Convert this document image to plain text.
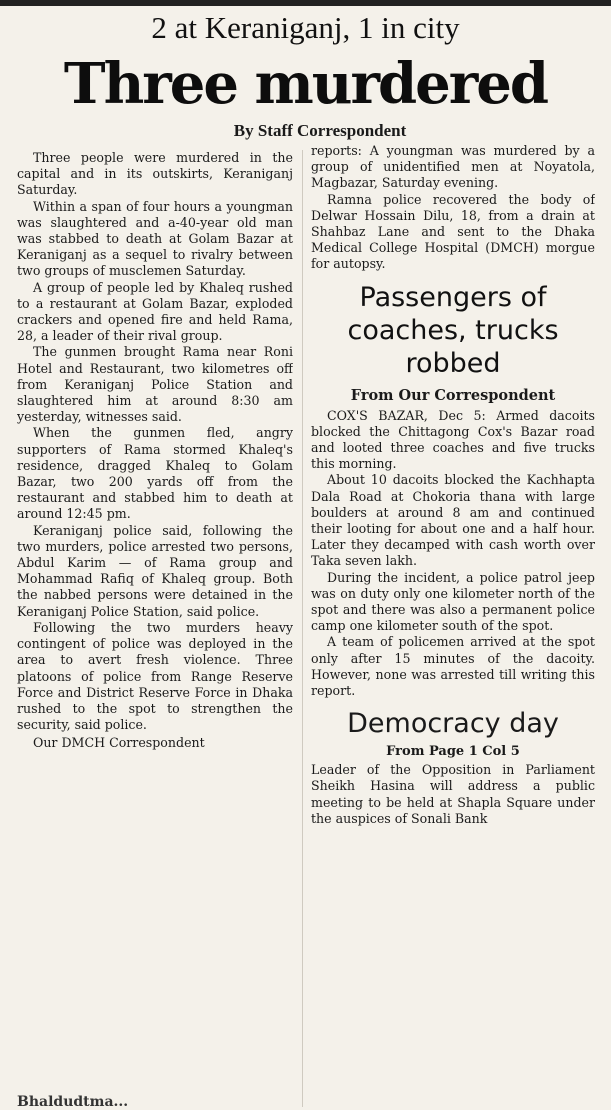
2 at Keraniganj, 1 in city
Three murdered
By Staff Correspondent

Three people were murdered in the capital and in its outskirts, Keraniganj Saturday.

Within a span of four hours a youngman was slaughtered and a-40-year old man was stabbed to death at Golam Bazar at Keraniganj as a sequel to rivalry between two groups of musclemen Saturday.

A group of people led by Khaleq rushed to a restaurant at Golam Bazar, exploded crackers and opened fire and held Rama, 28, a leader of their rival group.

The gunmen brought Rama near Roni Hotel and Restaurant, two kilometres off from Keraniganj Police Station and slaughtered him at around 8:30 am yesterday, witnesses said.

When the gunmen fled, angry supporters of Rama stormed Khaleq's residence, dragged Khaleq to Golam Bazar, two 200 yards off from the restaurant and stabbed him to death at around 12:45 pm.

Keraniganj police said, following the two murders, police arrested two persons, Abdul Karim — of Rama group and Mohammad Rafiq of Khaleq group. Both the nabbed persons were detained in the Keraniganj Police Station, said police.

Following the two murders heavy contingent of police was deployed in the area to avert fresh violence. Three platoons of police from Range Reserve Force and District Reserve Force in Dhaka rushed to the spot to strengthen the security, said police.

Our DMCH Correspondent

reports: A youngman was murdered by a group of unidentified men at Noyatola, Magbazar, Saturday evening.

Ramna police recovered the body of Delwar Hossain Dilu, 18, from a drain at Shahbaz Lane and sent to the Dhaka Medical College Hospital (DMCH) morgue for autopsy.

Passengers of coaches, trucks robbed
From Our Correspondent

COX'S BAZAR, Dec 5: Armed dacoits blocked the Chittagong Cox's Bazar road and looted three coaches and five trucks this morning.

About 10 dacoits blocked the Kachhapta Dala Road at Chokoria thana with large boulders at around 8 am and continued their looting for about one and a half hour. Later they decamped with cash worth over Taka seven lakh.

During the incident, a police patrol jeep was on duty only one kilometer north of the spot and there was also a permanent police camp one kilometer south of the spot.

A team of policemen arrived at the spot only after 15 minutes of the dacoity. However, none was arrested till writing this report.

Democracy day
From Page 1 Col 5

Leader of the Opposition in Parliament Sheikh Hasina will address a public meeting to be held at Shapla Square under the auspices of Sonali Bank

Bhaldudtma...
